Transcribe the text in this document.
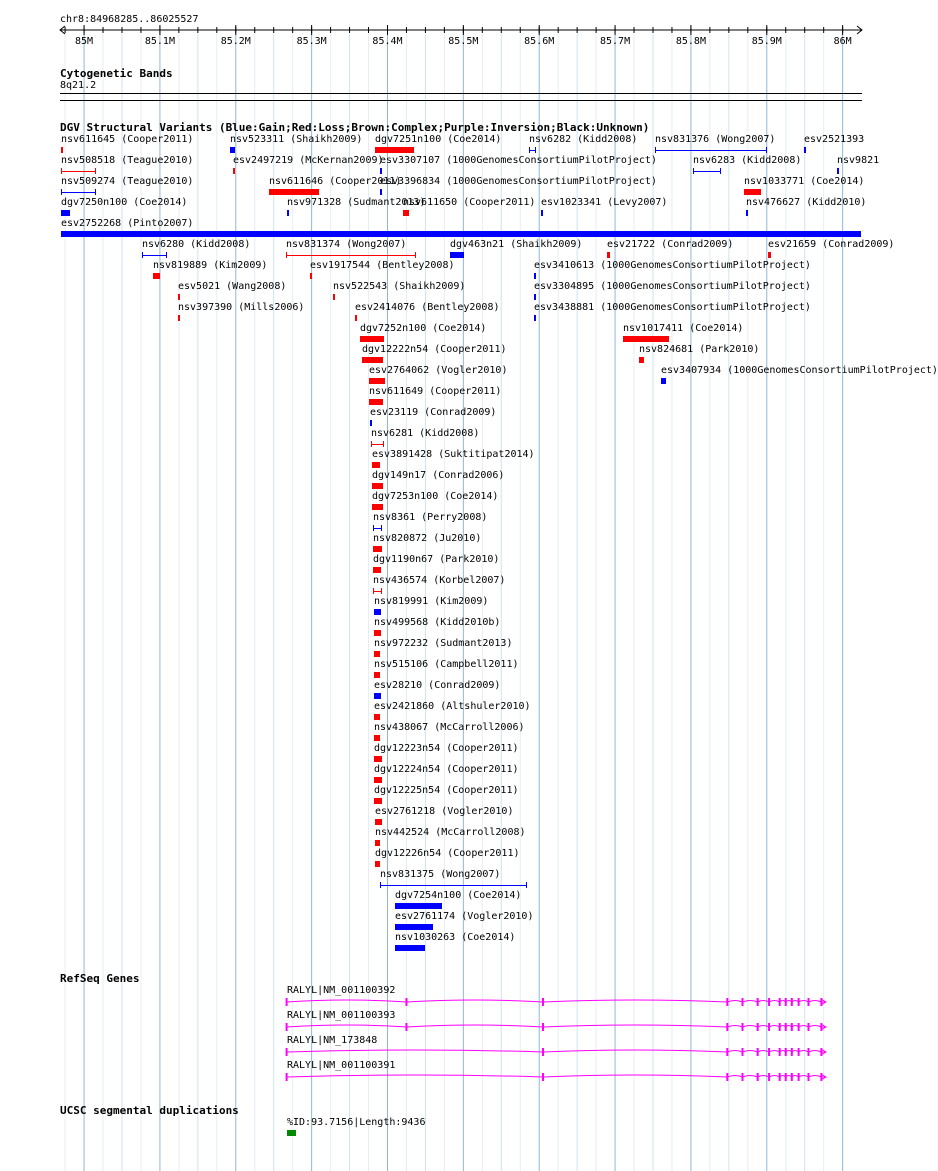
chr8:84968285..86025527
85M	85.1M	85.2M	85.3M	85.4M	85.5M	85.6M	85.7M	85.8M	85.9M	86M
Cytogenetic Bands
8q21.2
DGV Structural Variants (Blue:Gain;Red:Loss;Brown:Complex;Purple:Inversion;Black:Unknown)
nsv611645 (Cooper2011)	nsv523311 (Shaikh2009) dgv7251n100 (Coe2014)	nsv6282 (Kidd2008) nsv831376 (Wong2007)	esv2521393
nsv508518 (Teague2010)	esv2497219 (McKernan2009)
esv3307107 (1000GenomesConsortiumPilotProject)	nsv6283 (Kidd2008)	nsv9821
nsv509274 (Teague2010)	nsv611646 (Cooper2011)
esv3396834 (1000GenomesConsortiumPilotProject)	nsv1033771 (Coe2014)
dgv7250n100 (Coe2014)	nsv971328 (Sudmant2013)
nsv611650 (Cooper2011) esv1023341 (Levy2007)	nsv476627 (Kidd2010)
esv2752268 (Pinto2007)
nsv6280 (Kidd2008)	nsv831374 (Wong2007)	dgv463n21 (Shaikh2009) esv21722 (Conrad2009)	esv21659 (Conrad2009)
nsv819889 (Kim2009)	esv1917544 (Bentley2008)	esv3410613 (1000GenomesConsortiumPilotProject)
esv5021 (Wang2008)	nsv522543 (Shaikh2009)	esv3304895 (1000GenomesConsortiumPilotProject)
nsv397390 (Mills2006)	esv2414076 (Bentley2008)	esv3438881 (1000GenomesConsortiumPilotProject)
dgv7252n100 (Coe2014)	nsv1017411 (Coe2014)
dgv12222n54 (Cooper2011)	nsv824681 (Park2010)
esv2764062 (Vogler2010)	esv3407934 (1000GenomesConsortiumPilotProject)
nsv611649 (Cooper2011)
esv23119 (Conrad2009)
nsv6281 (Kidd2008)
esv3891428 (Suktitipat2014)
dgv149n17 (Conrad2006)
dgv7253n100 (Coe2014)
nsv8361 (Perry2008)
nsv820872 (Ju2010)
dgv1190n67 (Park2010)
nsv436574 (Korbel2007)
nsv819991 (Kim2009)
nsv499568 (Kidd2010b)
nsv972232 (Sudmant2013)
nsv515106 (Campbell2011)
esv28210 (Conrad2009)
esv2421860 (Altshuler2010)
nsv438067 (McCarroll2006)
dgv12223n54 (Cooper2011)
dgv12224n54 (Cooper2011)
dgv12225n54 (Cooper2011)
esv2761218 (Vogler2010)
nsv442524 (McCarroll2008)
dgv12226n54 (Cooper2011)
nsv831375 (Wong2007)
dgv7254n100 (Coe2014)
esv2761174 (Vogler2010)
nsv1030263 (Coe2014)
RefSeq Genes
RALYL|NM_001100392
RALYL|NM_001100393
RALYL|NM_173848
RALYL|NM_001100391
UCSC segmental duplications
%ID:93.7156|Length:9436
